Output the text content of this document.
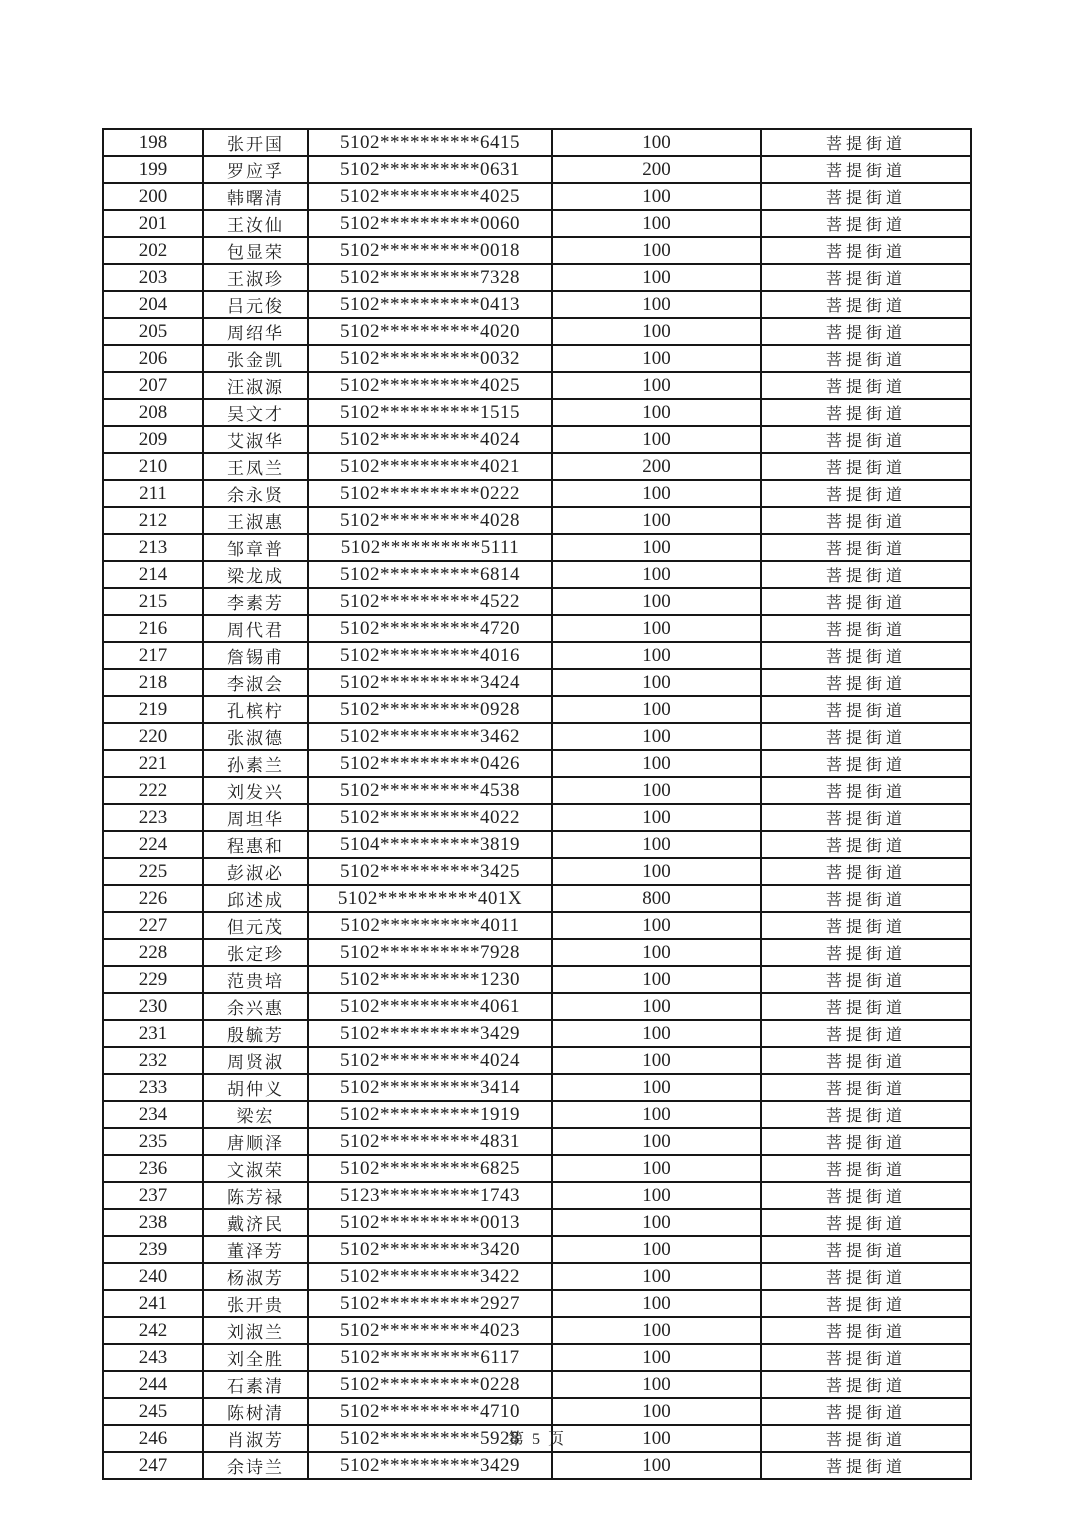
198	张开国	5102**********6415	100	菩提街道
199	罗应孚	5102**********0631	200	菩提街道
200	韩曙清	5102**********4025	100	菩提街道
201	王汝仙	5102**********0060	100	菩提街道
202	包显荣	5102**********0018	100	菩提街道
203	王淑珍	5102**********7328	100	菩提街道
204	吕元俊	5102**********0413	100	菩提街道
205	周绍华	5102**********4020	100	菩提街道
206	张金凯	5102**********0032	100	菩提街道
207	汪淑源	5102**********4025	100	菩提街道
208	吴文才	5102**********1515	100	菩提街道
209	艾淑华	5102**********4024	100	菩提街道
210	王凤兰	5102**********4021	200	菩提街道
211	余永贤	5102**********0222	100	菩提街道
212	王淑惠	5102**********4028	100	菩提街道
213	邹章普	5102**********5111	100	菩提街道
214	梁龙成	5102**********6814	100	菩提街道
215	李素芳	5102**********4522	100	菩提街道
216	周代君	5102**********4720	100	菩提街道
217	詹锡甫	5102**********4016	100	菩提街道
218	李淑会	5102**********3424	100	菩提街道
219	孔槟柠	5102**********0928	100	菩提街道
220	张淑德	5102**********3462	100	菩提街道
221	孙素兰	5102**********0426	100	菩提街道
222	刘发兴	5102**********4538	100	菩提街道
223	周坦华	5102**********4022	100	菩提街道
224	程惠和	5104**********3819	100	菩提街道
225	彭淑必	5102**********3425	100	菩提街道
226	邱述成	5102**********401X	800	菩提街道
227	但元茂	5102**********4011	100	菩提街道
228	张定珍	5102**********7928	100	菩提街道
229	范贵培	5102**********1230	100	菩提街道
230	余兴惠	5102**********4061	100	菩提街道
231	殷毓芳	5102**********3429	100	菩提街道
232	周贤淑	5102**********4024	100	菩提街道
233	胡仲义	5102**********3414	100	菩提街道
234	梁宏	5102**********1919	100	菩提街道
235	唐顺泽	5102**********4831	100	菩提街道
236	文淑荣	5102**********6825	100	菩提街道
237	陈芳禄	5123**********1743	100	菩提街道
238	戴济民	5102**********0013	100	菩提街道
239	董泽芳	5102**********3420	100	菩提街道
240	杨淑芳	5102**********3422	100	菩提街道
241	张开贵	5102**********2927	100	菩提街道
242	刘淑兰	5102**********4023	100	菩提街道
243	刘全胜	5102**********6117	100	菩提街道
244	石素清	5102**********0228	100	菩提街道
245	陈树清	5102**********4710	100	菩提街道
246	肖淑芳	5102**********5928	100	菩提街道
247	余诗兰	5102**********3429	100	菩提街道
第 5 页
